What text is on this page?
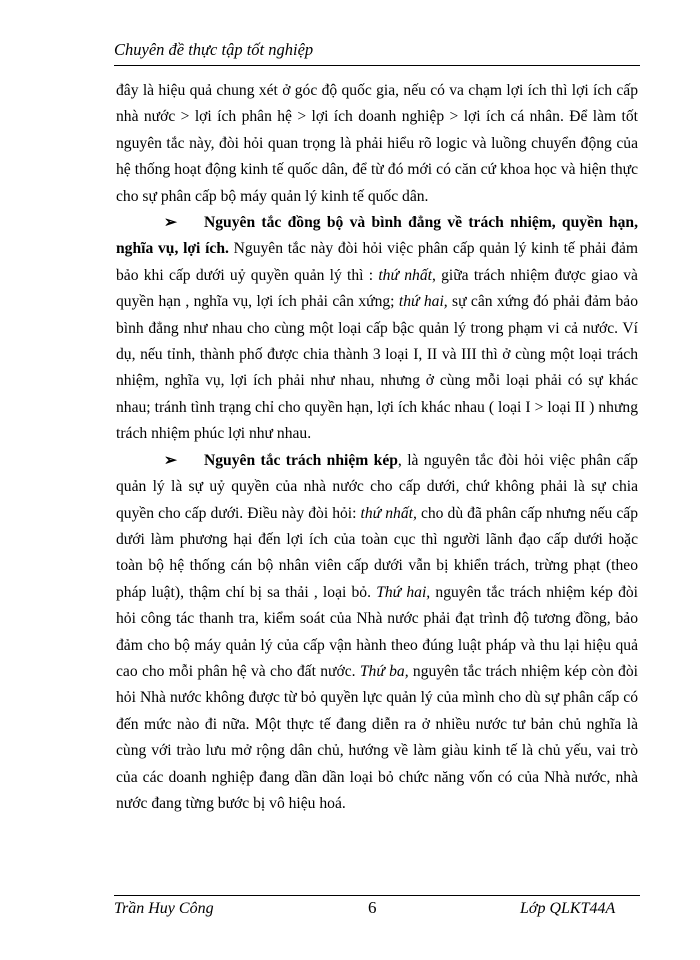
Chuyên đề thực tập tốt nghiệp

đây là hiệu quả chung xét ở góc độ quốc gia, nếu có va chạm lợi ích thì lợi ích cấp nhà nước > lợi ích phân hệ > lợi ích doanh nghiệp > lợi ích cá nhân. Để làm tốt nguyên tắc này, đòi hỏi quan trọng là phải hiểu rõ logic và luồng chuyển động của hệ thống hoạt động kinh tế quốc dân, để từ đó mới có căn cứ khoa học và hiện thực cho sự phân cấp bộ máy quản lý kinh tế quốc dân.

➢ Nguyên tắc đồng bộ và bình đẳng về trách nhiệm, quyền hạn, nghĩa vụ, lợi ích. Nguyên tắc này đòi hỏi việc phân cấp quản lý kinh tế phải đảm bảo khi cấp dưới uỷ quyền quản lý thì : thứ nhất, giữa trách nhiệm được giao và quyền hạn , nghĩa vụ, lợi ích phải cân xứng; thứ hai, sự cân xứng đó phải đảm bảo bình đẳng như nhau cho cùng một loại cấp bậc quản lý trong phạm vi cả nước. Ví dụ, nếu tỉnh, thành phố được chia thành 3 loại I, II và III thì ở cùng một loại trách nhiệm, nghĩa vụ, lợi ích phải như nhau, nhưng ở cùng mỗi loại phải có sự khác nhau; tránh tình trạng chỉ cho quyền hạn, lợi ích khác nhau ( loại I > loại II ) nhưng trách nhiệm phúc lợi như nhau.

➢ Nguyên tắc trách nhiệm kép, là nguyên tắc đòi hỏi việc phân cấp quản lý là sự uỷ quyền của nhà nước cho cấp dưới, chứ không phải là sự chia quyền cho cấp dưới. Điều này đòi hỏi: thứ nhất, cho dù đã phân cấp nhưng nếu cấp dưới làm phương hại đến lợi ích của toàn cục thì người lãnh đạo cấp dưới hoặc toàn bộ hệ thống cán bộ nhân viên cấp dưới vẫn bị khiển trách, trừng phạt (theo pháp luật), thậm chí bị sa thải , loại bỏ. Thứ hai, nguyên tắc trách nhiệm kép đòi hỏi công tác thanh tra, kiểm soát của Nhà nước phải đạt trình độ tương đồng, bảo đảm cho bộ máy quản lý của cấp vận hành theo đúng luật pháp và thu lại hiệu quả cao cho mỗi phân hệ và cho đất nước. Thứ ba, nguyên tắc trách nhiệm kép còn đòi hỏi Nhà nước không được từ bỏ quyền lực quản lý của mình cho dù sự phân cấp có đến mức nào đi nữa. Một thực tế đang diễn ra ở nhiều nước tư bản chủ nghĩa là cùng với trào lưu mở rộng dân chủ, hướng về làm giàu kinh tế là chủ yếu, vai trò của các doanh nghiệp đang dần dần loại bỏ chức năng vốn có của Nhà nước, nhà nước đang từng bước bị vô hiệu hoá.

Trần Huy Công	6	Lớp QLKT44A
